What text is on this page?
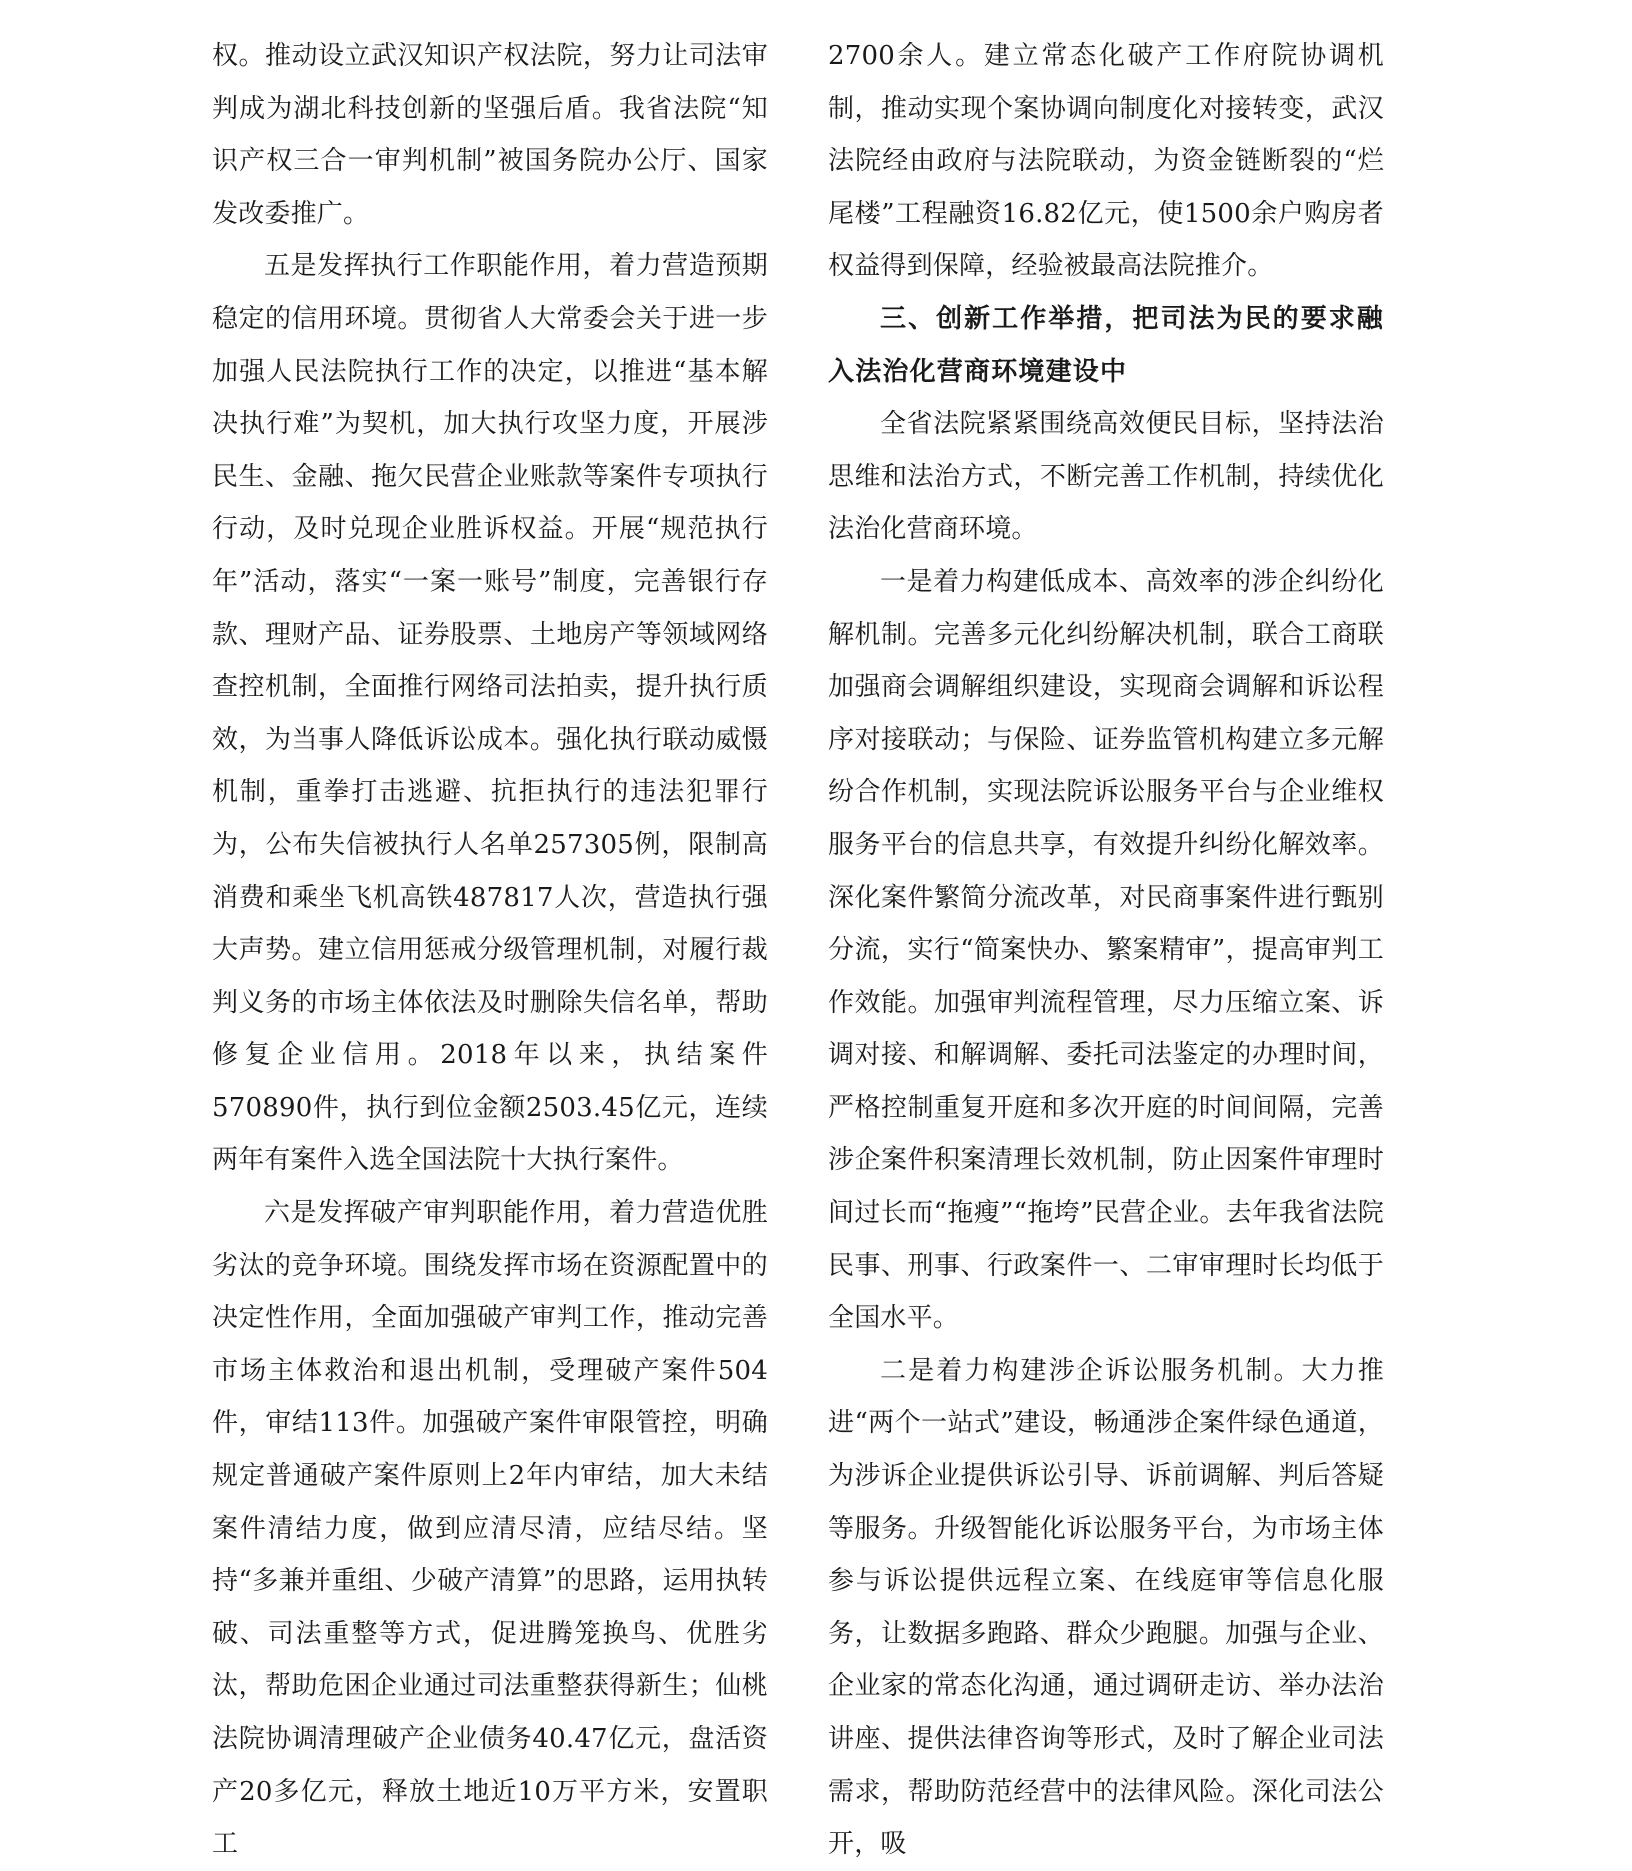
权。推动设立武汉知识产权法院，努力让司法审判成为湖北科技创新的坚强后盾。我省法院“知识产权三合一审判机制”被国务院办公厅、国家发改委推广。

五是发挥执行工作职能作用，着力营造预期稳定的信用环境。贯彻省人大常委会关于进一步加强人民法院执行工作的决定，以推进“基本解决执行难”为契机，加大执行攻坚力度，开展涉民生、金融、拖欠民营企业账款等案件专项执行行动，及时兑现企业胜诉权益。开展“规范执行年”活动，落实“一案一账号”制度，完善银行存款、理财产品、证券股票、土地房产等领域网络查控机制，全面推行网络司法拍卖，提升执行质效，为当事人降低诉讼成本。强化执行联动威慑机制，重拳打击逃避、抗拒执行的违法犯罪行为，公布失信被执行人名单257305例，限制高消费和乘坐飞机高铁487817人次，营造执行强大声势。建立信用惩戒分级管理机制，对履行裁判义务的市场主体依法及时删除失信名单，帮助修复企业信用。2018年以来，执结案件570890件，执行到位金额2503.45亿元，连续两年有案件入选全国法院十大执行案件。

六是发挥破产审判职能作用，着力营造优胜劣汰的竞争环境。围绕发挥市场在资源配置中的决定性作用，全面加强破产审判工作，推动完善市场主体救治和退出机制，受理破产案件504件，审结113件。加强破产案件审限管控，明确规定普通破产案件原则上2年内审结，加大未结案件清结力度，做到应清尽清，应结尽结。坚持“多兼并重组、少破产清算”的思路，运用执转破、司法重整等方式，促进腾笼换鸟、优胜劣汰，帮助危困企业通过司法重整获得新生；仙桃法院协调清理破产企业债务40.47亿元，盘活资产20多亿元，释放土地近10万平方米，安置职工

2700余人。建立常态化破产工作府院协调机制，推动实现个案协调向制度化对接转变，武汉法院经由政府与法院联动，为资金链断裂的“烂尾楼”工程融资16.82亿元，使1500余户购房者权益得到保障，经验被最高法院推介。

三、创新工作举措，把司法为民的要求融入法治化营商环境建设中

全省法院紧紧围绕高效便民目标，坚持法治思维和法治方式，不断完善工作机制，持续优化法治化营商环境。

一是着力构建低成本、高效率的涉企纠纷化解机制。完善多元化纠纷解决机制，联合工商联加强商会调解组织建设，实现商会调解和诉讼程序对接联动；与保险、证券监管机构建立多元解纷合作机制，实现法院诉讼服务平台与企业维权服务平台的信息共享，有效提升纠纷化解效率。深化案件繁简分流改革，对民商事案件进行甄别分流，实行“简案快办、繁案精审”，提高审判工作效能。加强审判流程管理，尽力压缩立案、诉调对接、和解调解、委托司法鉴定的办理时间，严格控制重复开庭和多次开庭的时间间隔，完善涉企案件积案清理长效机制，防止因案件审理时间过长而“拖瘦”“拖垮”民营企业。去年我省法院民事、刑事、行政案件一、二审审理时长均低于全国水平。

二是着力构建涉企诉讼服务机制。大力推进“两个一站式”建设，畅通涉企案件绿色通道，为涉诉企业提供诉讼引导、诉前调解、判后答疑等服务。升级智能化诉讼服务平台，为市场主体参与诉讼提供远程立案、在线庭审等信息化服务，让数据多跑路、群众少跑腿。加强与企业、企业家的常态化沟通，通过调研走访、举办法治讲座、提供法律咨询等形式，及时了解企业司法需求，帮助防范经营中的法律风险。深化司法公开，吸
